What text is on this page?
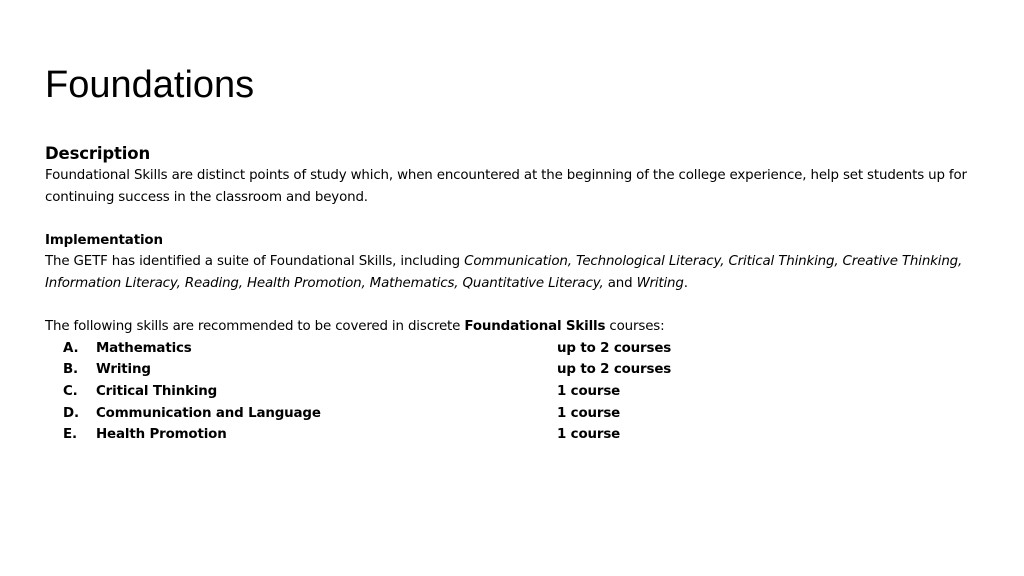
Foundations

Description

Foundational Skills are distinct points of study which, when encountered at the beginning of the college experience, help set students up for continuing success in the classroom and beyond.

Implementation

The GETF has identified a suite of Foundational Skills, including Communication, Technological Literacy, Critical Thinking, Creative Thinking, Information Literacy, Reading, Health Promotion, Mathematics, Quantitative Literacy, and Writing.

The following skills are recommended to be covered in discrete Foundational Skills courses:

A. Mathematics	up to 2 courses
B. Writing	up to 2 courses
C. Critical Thinking	1 course
D. Communication and Language	1 course
E. Health Promotion	1 course
